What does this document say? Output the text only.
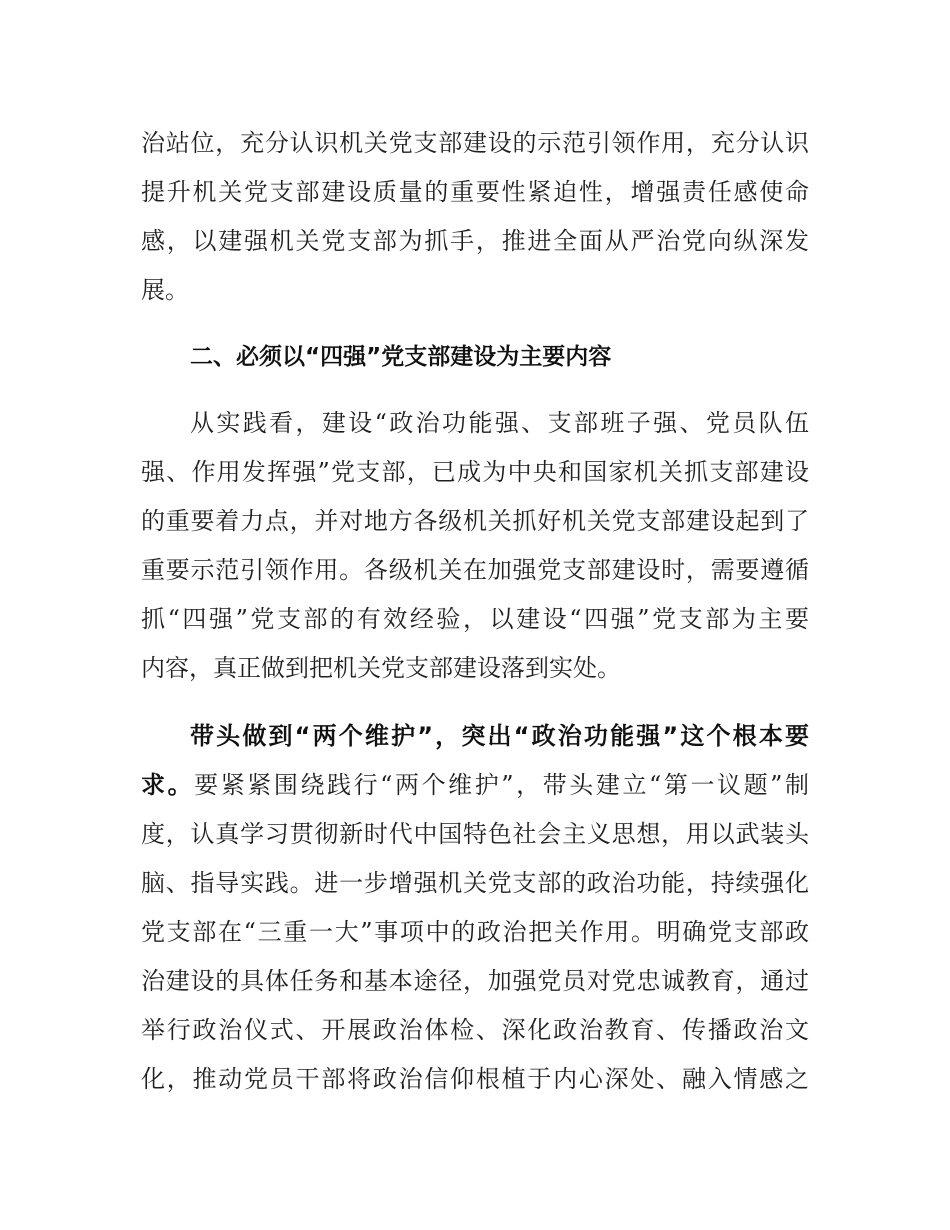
治站位，充分认识机关党支部建设的示范引领作用，充分认识
提升机关党支部建设质量的重要性紧迫性，增强责任感使命
感，以建强机关党支部为抓手，推进全面从严治党向纵深发
展。
二、必须以“四强”党支部建设为主要内容
从实践看，建设“政治功能强、支部班子强、党员队伍
强、作用发挥强”党支部，已成为中央和国家机关抓支部建设
的重要着力点，并对地方各级机关抓好机关党支部建设起到了
重要示范引领作用。各级机关在加强党支部建设时，需要遵循
抓“四强”党支部的有效经验，以建设“四强”党支部为主要
内容，真正做到把机关党支部建设落到实处。
带头做到“两个维护”，突出“政治功能强”这个根本要
求。要紧紧围绕践行“两个维护”，带头建立“第一议题”制
度，认真学习贯彻新时代中国特色社会主义思想，用以武装头
脑、指导实践。进一步增强机关党支部的政治功能，持续强化
党支部在“三重一大”事项中的政治把关作用。明确党支部政
治建设的具体任务和基本途径，加强党员对党忠诚教育，通过
举行政治仪式、开展政治体检、深化政治教育、传播政治文
化，推动党员干部将政治信仰根植于内心深处、融入情感之
